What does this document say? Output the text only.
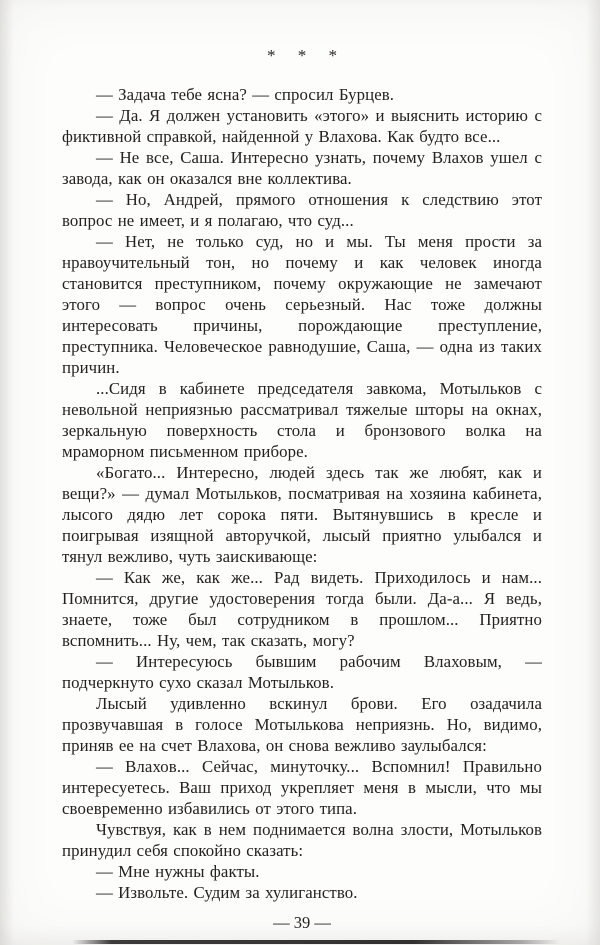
* * *

— Задача тебе ясна? — спросил Бурцев.

— Да. Я должен установить «этого» и выяснить историю с фиктивной справкой, найденной у Влахова. Как будто все...

— Не все, Саша. Интересно узнать, почему Влахов ушел с завода, как он оказался вне коллектива.

— Но, Андрей, прямого отношения к следствию этот вопрос не имеет, и я полагаю, что суд...

— Нет, не только суд, но и мы. Ты меня прости за нравоучительный тон, но почему и как человек иногда становится преступником, почему окружающие не замечают этого — вопрос очень серьезный. Нас тоже должны интересовать причины, порождающие преступление, преступника. Человеческое равнодушие, Саша, — одна из таких причин.

...Сидя в кабинете председателя завкома, Мотыльков с невольной неприязнью рассматривал тяжелые шторы на окнах, зеркальную поверхность стола и бронзового волка на мраморном письменном приборе.

«Богато... Интересно, людей здесь так же любят, как и вещи?» — думал Мотыльков, посматривая на хозяина кабинета, лысого дядю лет сорока пяти. Вытянувшись в кресле и поигрывая изящной авторучкой, лысый приятно улыбался и тянул вежливо, чуть заискивающе:

— Как же, как же... Рад видеть. Приходилось и нам... Помнится, другие удостоверения тогда были. Да-а... Я ведь, знаете, тоже был сотрудником в прошлом... Приятно вспомнить... Ну, чем, так сказать, могу?

— Интересуюсь бывшим рабочим Влаховым, — подчеркнуто сухо сказал Мотыльков.

Лысый удивленно вскинул брови. Его озадачила прозвучавшая в голосе Мотылькова неприязнь. Но, видимо, приняв ее на счет Влахова, он снова вежливо заулыбался:

— Влахов... Сейчас, минуточку... Вспомнил! Правильно интересуетесь. Ваш приход укрепляет меня в мысли, что мы своевременно избавились от этого типа.

Чувствуя, как в нем поднимается волна злости, Мотыльков принудил себя спокойно сказать:

— Мне нужны факты.

— Извольте. Судим за хулиганство.

— 39 —
